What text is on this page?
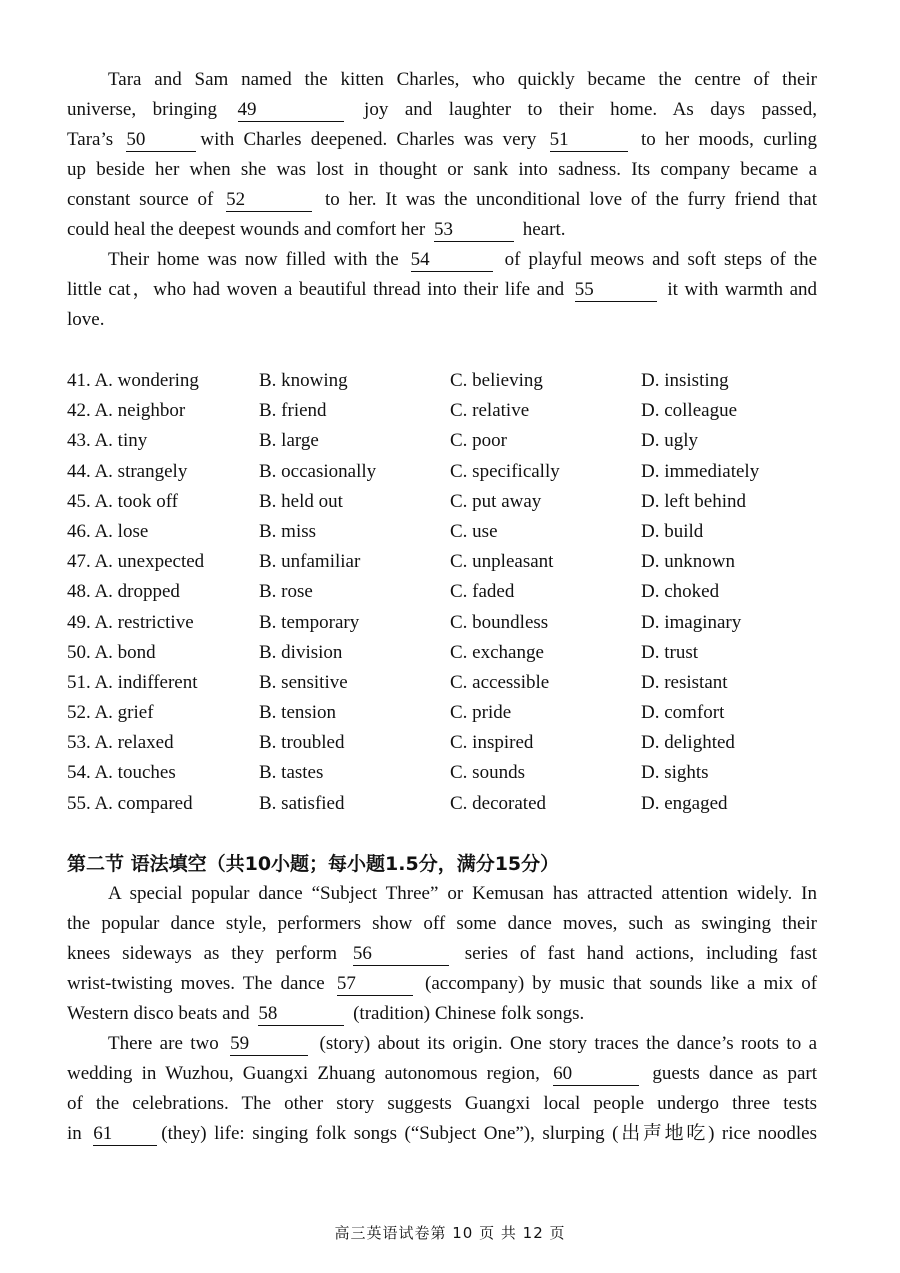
Tara and Sam named the kitten Charles, who quickly became the centre of their
universe, bringing 49	joy and laughter to their home. As days passed,
Tara’s 50	with Charles deepened. Charles was very 51	to her moods, curling
up beside her when she was lost in thought or sank into sadness. Its company became a
constant source of 52	to her. It was the unconditional love of the furry friend that
could heal the deepest wounds and comfort her 53	heart.
Their home was now filled with the 54	of playful meows and soft steps of the
little cat，who had woven a beautiful thread into their life and 55	it with warmth and
love.
41. A. wondering	B. knowing	C. believing	D. insisting
42. A. neighbor	B. friend	C. relative	D. colleague
43. A. tiny	B. large	C. poor	D. ugly
44. A. strangely	B. occasionally	C. specifically	D. immediately
45. A. took off	B. held out	C. put away	D. left behind
46. A. lose	B. miss	C. use	D. build
47. A. unexpected	B. unfamiliar	C. unpleasant	D. unknown
48. A. dropped	B. rose	C. faded	D. choked
49. A. restrictive	B. temporary	C. boundless	D. imaginary
50. A. bond	B. division	C. exchange	D. trust
51. A. indifferent	B. sensitive	C. accessible	D. resistant
52. A. grief	B. tension	C. pride	D. comfort
53. A. relaxed	B. troubled	C. inspired	D. delighted
54. A. touches	B. tastes	C. sounds	D. sights
55. A. compared	B. satisfied	C. decorated	D. engaged
第二节 语法填空（共10小题；每小题1.5分，满分15分）
A special popular dance “Subject Three” or Kemusan has attracted attention widely. In
the popular dance style, performers show off some dance moves, such as swinging their
knees sideways as they perform 56	series of fast hand actions, including fast
wrist-twisting moves. The dance 57	(accompany) by music that sounds like a mix of
Western disco beats and 58	(tradition) Chinese folk songs.
There are two 59	(story) about its origin. One story traces the dance’s roots to a
wedding in Wuzhou, Guangxi Zhuang autonomous region, 60	guests dance as part
of the celebrations. The other story suggests Guangxi local people undergo three tests
in 61	(they) life: singing folk songs (“Subject One”), slurping (出声地吃) rice noodles
高三英语试卷第 10 页 共 12 页
